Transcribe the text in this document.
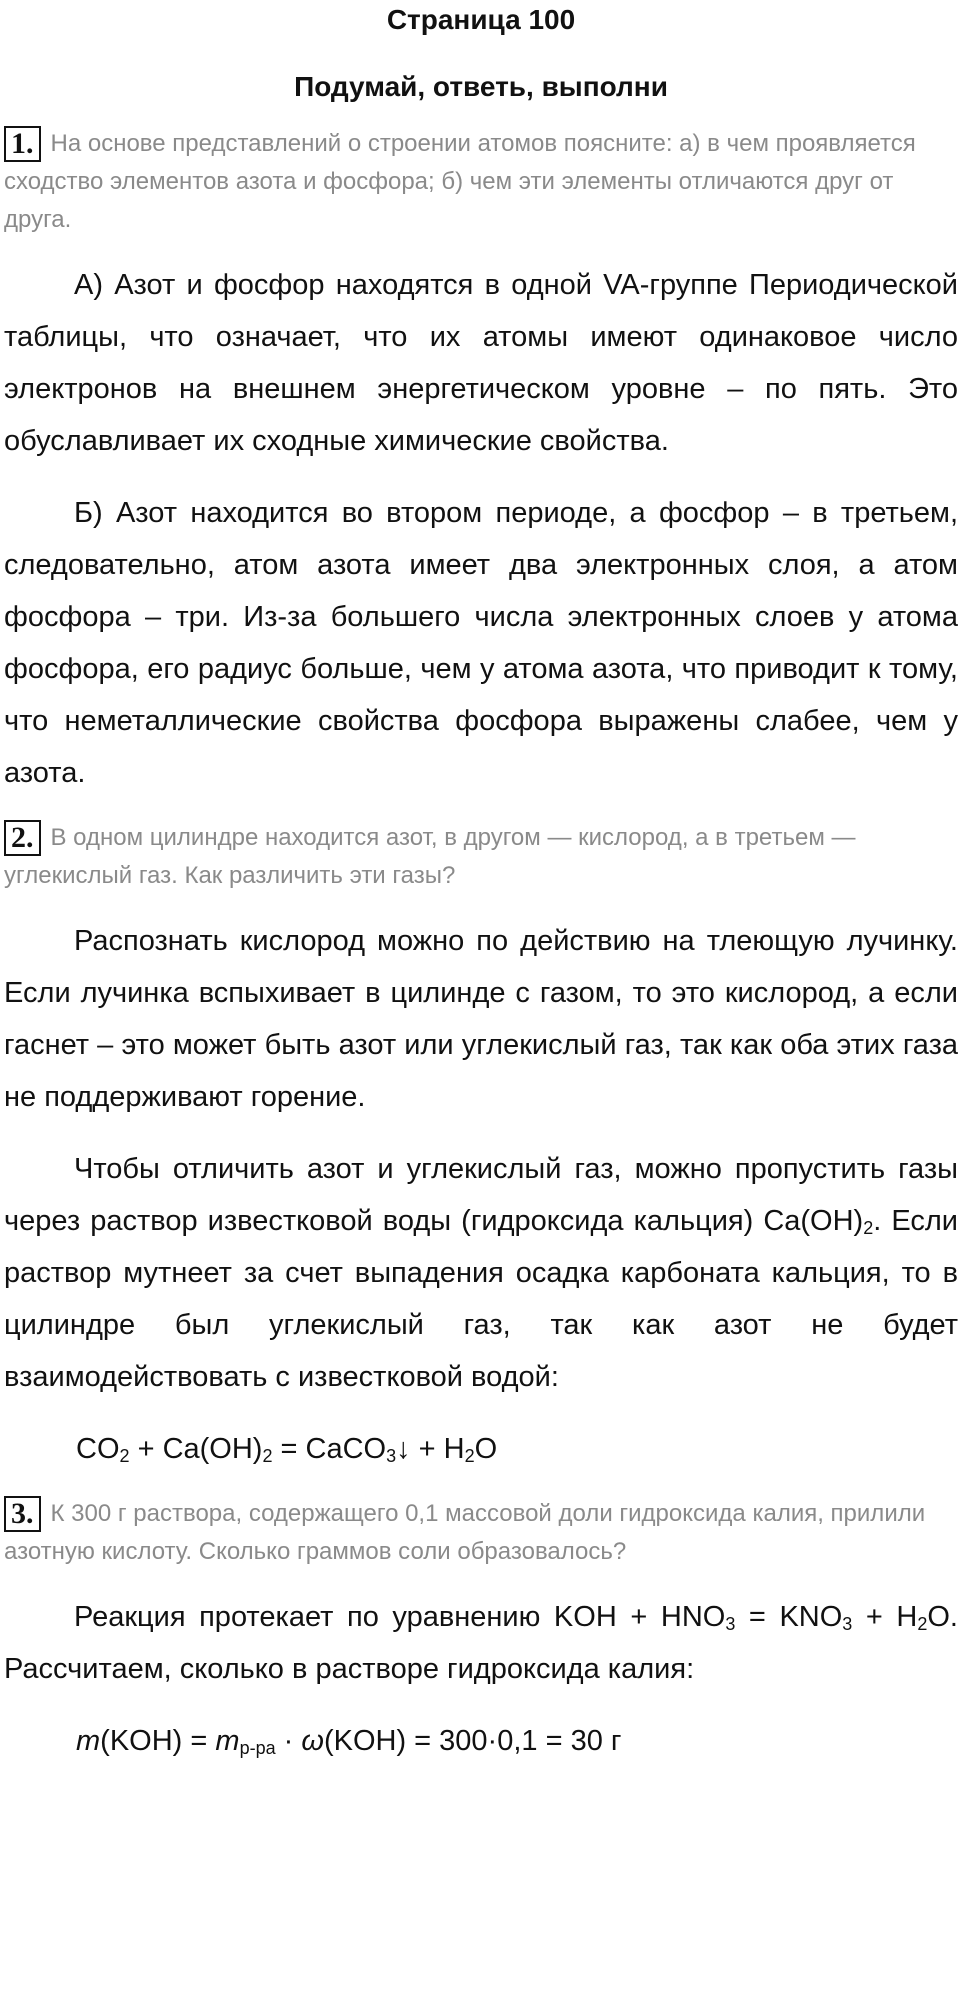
Страница 100
Подумай, ответь, выполни
1. На основе представлений о строении атомов поясните: а) в чем проявляется сходство элементов азота и фосфора; б) чем эти элементы отличаются друг от друга.

А) Азот и фосфор находятся в одной VA-группе Периодической таблицы, что означает, что их атомы имеют одинаковое число электронов на внешнем энергетическом уровне – по пять. Это обуславливает их сходные химические свойства.

Б) Азот находится во втором периоде, а фосфор – в третьем, следовательно, атом азота имеет два электронных слоя, а атом фосфора – три. Из-за большего числа электронных слоев у атома фосфора, его радиус больше, чем у атома азота, что приводит к тому, что неметаллические свойства фосфора выражены слабее, чем у азота.

2. В одном цилиндре находится азот, в другом — кислород, а в третьем — углекислый газ. Как различить эти газы?

Распознать кислород можно по действию на тлеющую лучинку. Если лучинка вспыхивает в цилинде с газом, то это кислород, а если гаснет – это может быть азот или углекислый газ, так как оба этих газа не поддерживают горение.

Чтобы отличить азот и углекислый газ, можно пропустить газы через раствор известковой воды (гидроксида кальция) $Ca(OH)_2$. Если раствор мутнеет за счет выпадения осадка карбоната кальция, то в цилиндре был углекислый газ, так как азот не будет взаимодействовать с известковой водой:

$CO_2 + Ca(OH)_2$ = CaCO$_3$↓ + $H_2O$
3. К 300 г раствора, содержащего 0,1 массовой доли гидроксида калия, прилили азотную кислоту. Сколько граммов соли образовалось?

Реакция протекает по уравнению KOH + $HNO_3 = KNO_3 + H_2O$. Рассчитаем, сколько в растворе гидроксида калия:

$m(KOH) = m_{р-ра} \cdot \omega(KOH) = 300\cdot 0,1 = 30$ г
